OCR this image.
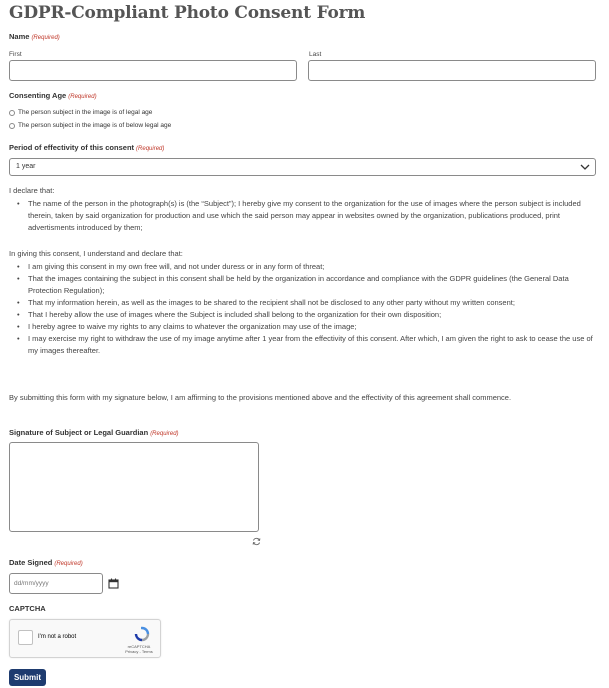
GDPR-Compliant Photo Consent Form
Name (Required)
First	Last
Consenting Age (Required)
The person subject in the image is of legal age
The person subject in the image is of below legal age
Period of effectivity of this consent (Required)
1 year
I declare that:
• The name of the person in the photograph(s) is (the “Subject”); I hereby give my consent to the organization for the use of images where the person subject is included therein, taken by said organization for production and use which the said person may appear in websites owned by the organization, publications produced, print advertisments introduced by them;
In giving this consent, I understand and declare that:
• I am giving this consent in my own free will, and not under duress or in any form of threat;
• That the images containing the subject in this consent shall be held by the organization in accordance and compliance with the GDPR guidelines (the General Data Protection Regulation);
• That my information herein, as well as the images to be shared to the recipient shall not be disclosed to any other party without my written consent;
• That I hereby allow the use of images where the Subject is included shall belong to the organization for their own disposition;
• I hereby agree to waive my rights to any claims to whatever the organization may use of the image;
• I may exercise my right to withdraw the use of my image anytime after 1 year from the effectivity of this consent. After which, I am given the right to ask to cease the use of my images thereafter.
By submitting this form with my signature below, I am affirming to the provisions mentioned above and the effectivity of this agreement shall commence.
Signature of Subject or Legal Guardian (Required)
Date Signed (Required)
dd/mm/yyyy
CAPTCHA
I'm not a robot
reCAPTCHA
Privacy - Terms
Submit
